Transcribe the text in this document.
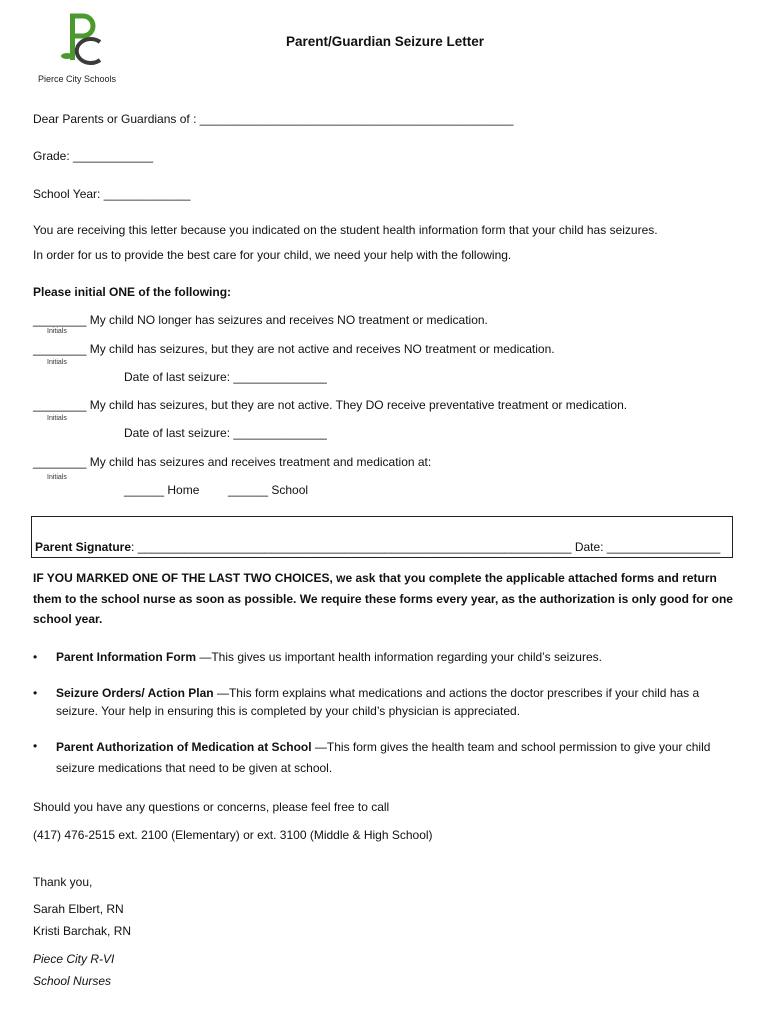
Pierce City Schools
Parent/Guardian Seizure Letter
Dear Parents or Guardians of : _______________________________________________
Grade: ____________
School Year: _____________
You are receiving this letter because you indicated on the student health information form that your child has seizures.
In order for us to provide the best care for your child, we need your help with the following.
Please initial ONE of the following:
________ My child NO longer has seizures and receives NO treatment or medication.
Initials
________ My child has seizures, but they are not active and receives NO treatment or medication.
Initials
Date of last seizure: ______________
________ My child has seizures, but they are not active. They DO receive preventative treatment or medication.
Initials
Date of last seizure: ______________
________ My child has seizures and receives treatment and medication at:
Initials
______ Home ______ School
Parent Signature: _________________________________________________________________ Date: _________________
IF YOU MARKED ONE OF THE LAST TWO CHOICES, we ask that you complete the applicable attached forms and return them to the school nurse as soon as possible. We require these forms every year, as the authorization is only good for one school year.
• Parent Information Form —This gives us important health information regarding your child’s seizures.
• Seizure Orders/ Action Plan —This form explains what medications and actions the doctor prescribes if your child has a seizure. Your help in ensuring this is completed by your child’s physician is appreciated.
• Parent Authorization of Medication at School —This form gives the health team and school permission to give your child seizure medications that need to be given at school.
Should you have any questions or concerns, please feel free to call
(417) 476-2515 ext. 2100 (Elementary) or ext. 3100 (Middle & High School)
Thank you,
Sarah Elbert, RN
Kristi Barchak, RN
Piece City R-VI
School Nurses
